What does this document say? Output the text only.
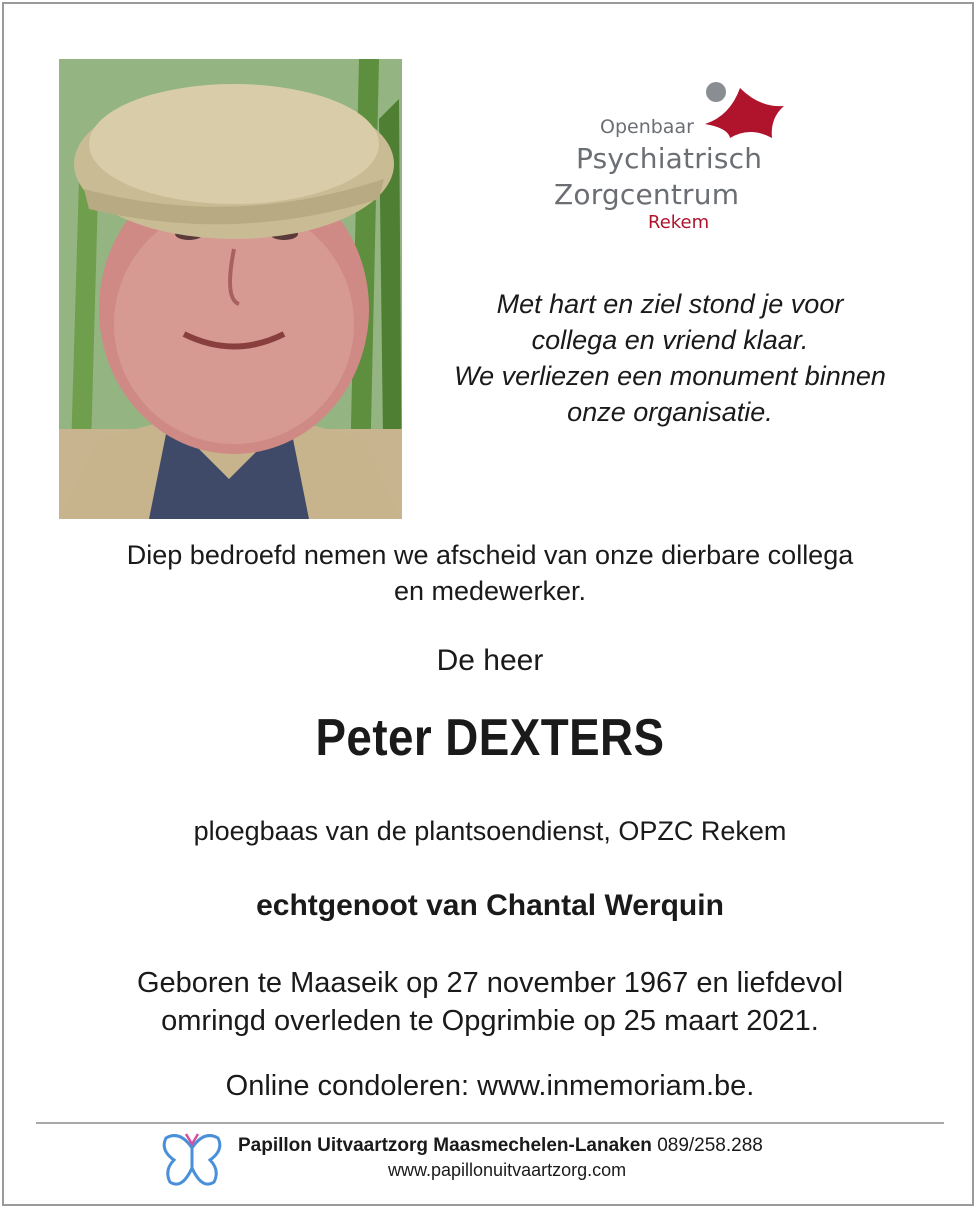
Openbaar
Psychiatrisch
Zorgcentrum
Rekem
Met hart en ziel stond je voor
collega en vriend klaar.
We verliezen een monument binnen
onze organisatie.
Diep bedroefd nemen we afscheid van onze dierbare collega
en medewerker.
De heer
Peter DEXTERS
ploegbaas van de plantsoendienst, OPZC Rekem
echtgenoot van Chantal Werquin
Geboren te Maaseik op 27 november 1967 en liefdevol
omringd overleden te Opgrimbie op 25 maart 2021.
Online condoleren: www.inmemoriam.be.
Papillon Uitvaartzorg Maasmechelen-Lanaken 089/258.288
www.papillonuitvaartzorg.com
